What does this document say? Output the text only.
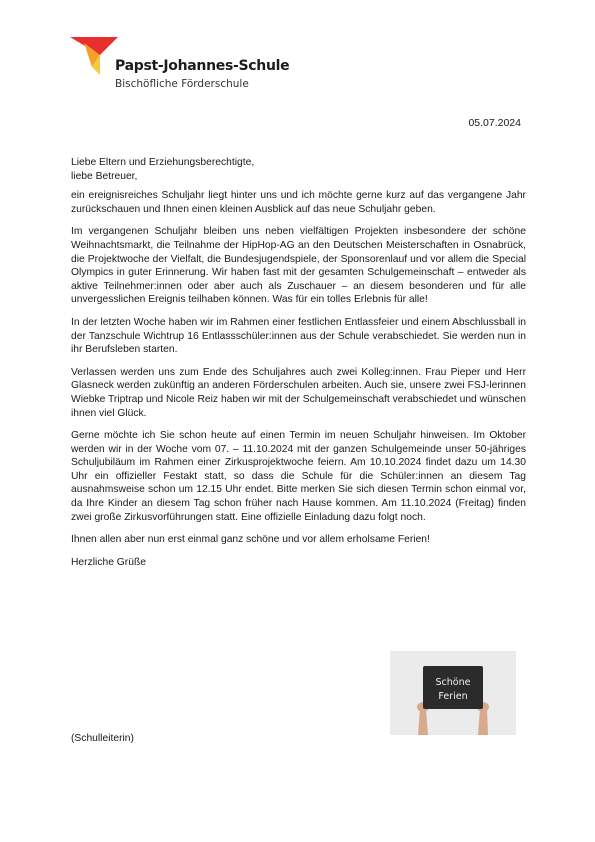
Papst-Johannes-Schule
Bischöfliche Förderschule
05.07.2024

Liebe Eltern und Erziehungsberechtigte,
liebe Betreuer,

ein ereignisreiches Schuljahr liegt hinter uns und ich möchte gerne kurz auf das vergangene Jahr zurückschauen und Ihnen einen kleinen Ausblick auf das neue Schuljahr geben.

Im vergangenen Schuljahr bleiben uns neben vielfältigen Projekten insbesondere der schöne Weihnachtsmarkt, die Teilnahme der HipHop-AG an den Deutschen Meisterschaften in Osnabrück, die Projektwoche der Vielfalt, die Bundesjugendspiele, der Sponsorenlauf und vor allem die Special Olympics in guter Erinnerung. Wir haben fast mit der gesamten Schulgemeinschaft – entweder als aktive Teilnehmer:innen oder aber auch als Zuschauer – an diesem besonderen und für alle unvergesslichen Ereignis teilhaben können. Was für ein tolles Erlebnis für alle!

In der letzten Woche haben wir im Rahmen einer festlichen Entlassfeier und einem Abschlussball in der Tanzschule Wichtrup 16 Entlassschüler:innen aus der Schule verabschiedet. Sie werden nun in ihr Berufsleben starten.

Verlassen werden uns zum Ende des Schuljahres auch zwei Kolleg:innen. Frau Pieper und Herr Glasneck werden zukünftig an anderen Förderschulen arbeiten. Auch sie, unsere zwei FSJ-lerinnen Wiebke Triptrap und Nicole Reiz haben wir mit der Schulgemeinschaft verabschiedet und wünschen ihnen viel Glück.

Gerne möchte ich Sie schon heute auf einen Termin im neuen Schuljahr hinweisen. Im Oktober werden wir in der Woche vom 07. – 11.10.2024 mit der ganzen Schulgemeinde unser 50-jähriges Schuljubiläum im Rahmen einer Zirkusprojektwoche feiern. Am 10.10.2024 findet dazu um 14.30 Uhr ein offizieller Festakt statt, so dass die Schule für die Schüler:innen an diesem Tag ausnahmsweise schon um 12.15 Uhr endet. Bitte merken Sie sich diesen Termin schon einmal vor, da Ihre Kinder an diesem Tag schon früher nach Hause kommen. Am 11.10.2024 (Freitag) finden zwei große Zirkusvorführungen statt. Eine offizielle Einladung dazu folgt noch.

Ihnen allen aber nun erst einmal ganz schöne und vor allem erholsame Ferien!

Herzliche Grüße

Schöne
Ferien
(Schulleiterin)
